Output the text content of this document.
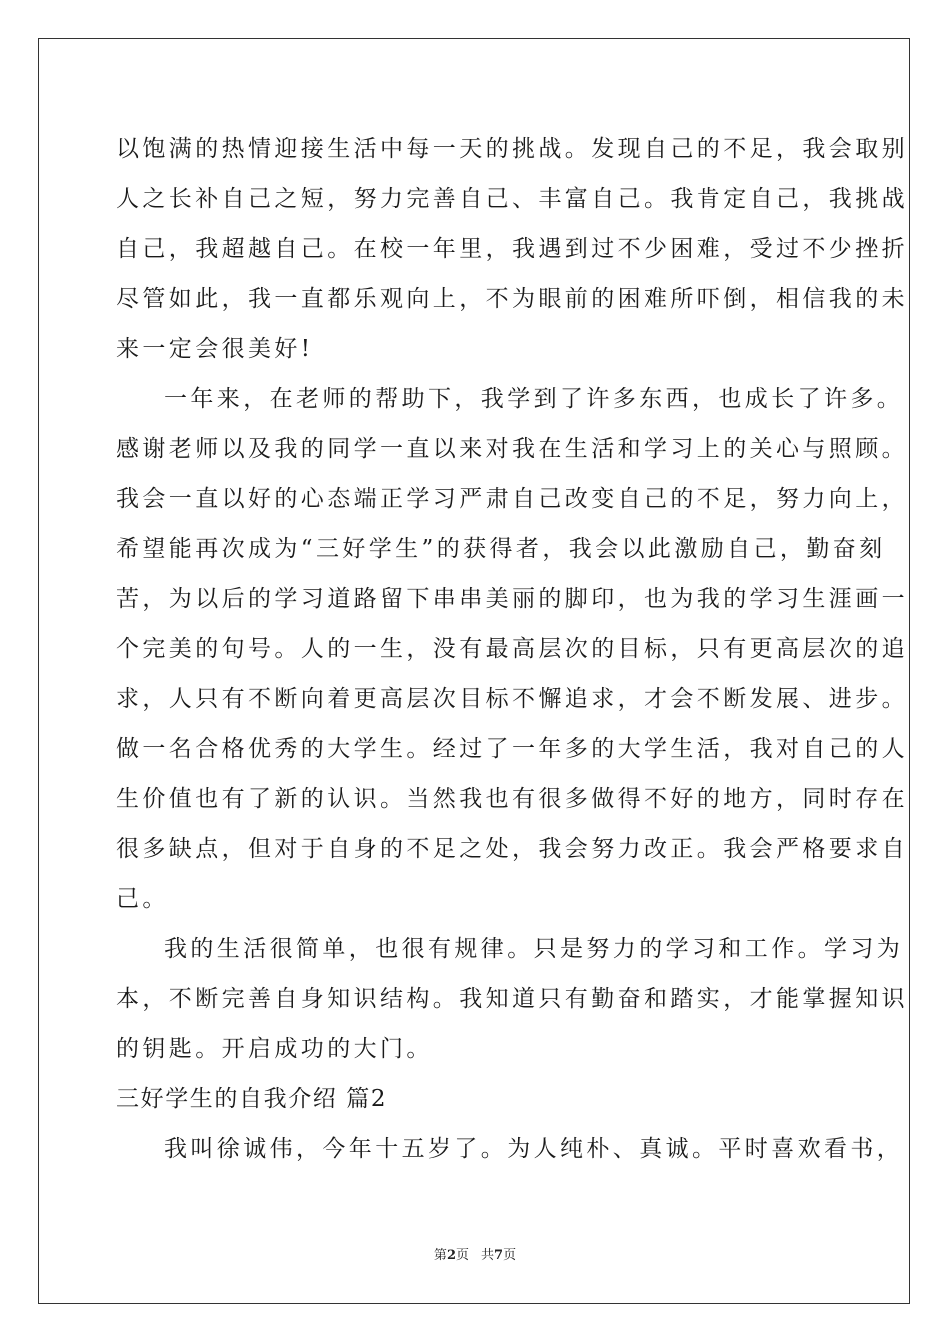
以饱满的热情迎接生活中每一天的挑战。发现自己的不足，我会取别
人之长补自己之短，努力完善自己、丰富自己。我肯定自己，我挑战
自己，我超越自己。在校一年里，我遇到过不少困难，受过不少挫折
尽管如此，我一直都乐观向上，不为眼前的困难所吓倒，相信我的未
来一定会很美好!
一年来，在老师的帮助下，我学到了许多东西，也成长了许多。
感谢老师以及我的同学一直以来对我在生活和学习上的关心与照顾。
我会一直以好的心态端正学习严肃自己改变自己的不足，努力向上，
希望能再次成为“三好学生”的获得者，我会以此激励自己，勤奋刻
苦，为以后的学习道路留下串串美丽的脚印，也为我的学习生涯画一
个完美的句号。人的一生，没有最高层次的目标，只有更高层次的追
求，人只有不断向着更高层次目标不懈追求，才会不断发展、进步。
做一名合格优秀的大学生。经过了一年多的大学生活，我对自己的人
生价值也有了新的认识。当然我也有很多做得不好的地方，同时存在
很多缺点，但对于自身的不足之处，我会努力改正。我会严格要求自
己。
我的生活很简单，也很有规律。只是努力的学习和工作。学习为
本，不断完善自身知识结构。我知道只有勤奋和踏实，才能掌握知识
的钥匙。开启成功的大门。
三好学生的自我介绍 篇2
我叫徐诚伟，今年十五岁了。为人纯朴、真诚。平时喜欢看书，
第2页 共7页
